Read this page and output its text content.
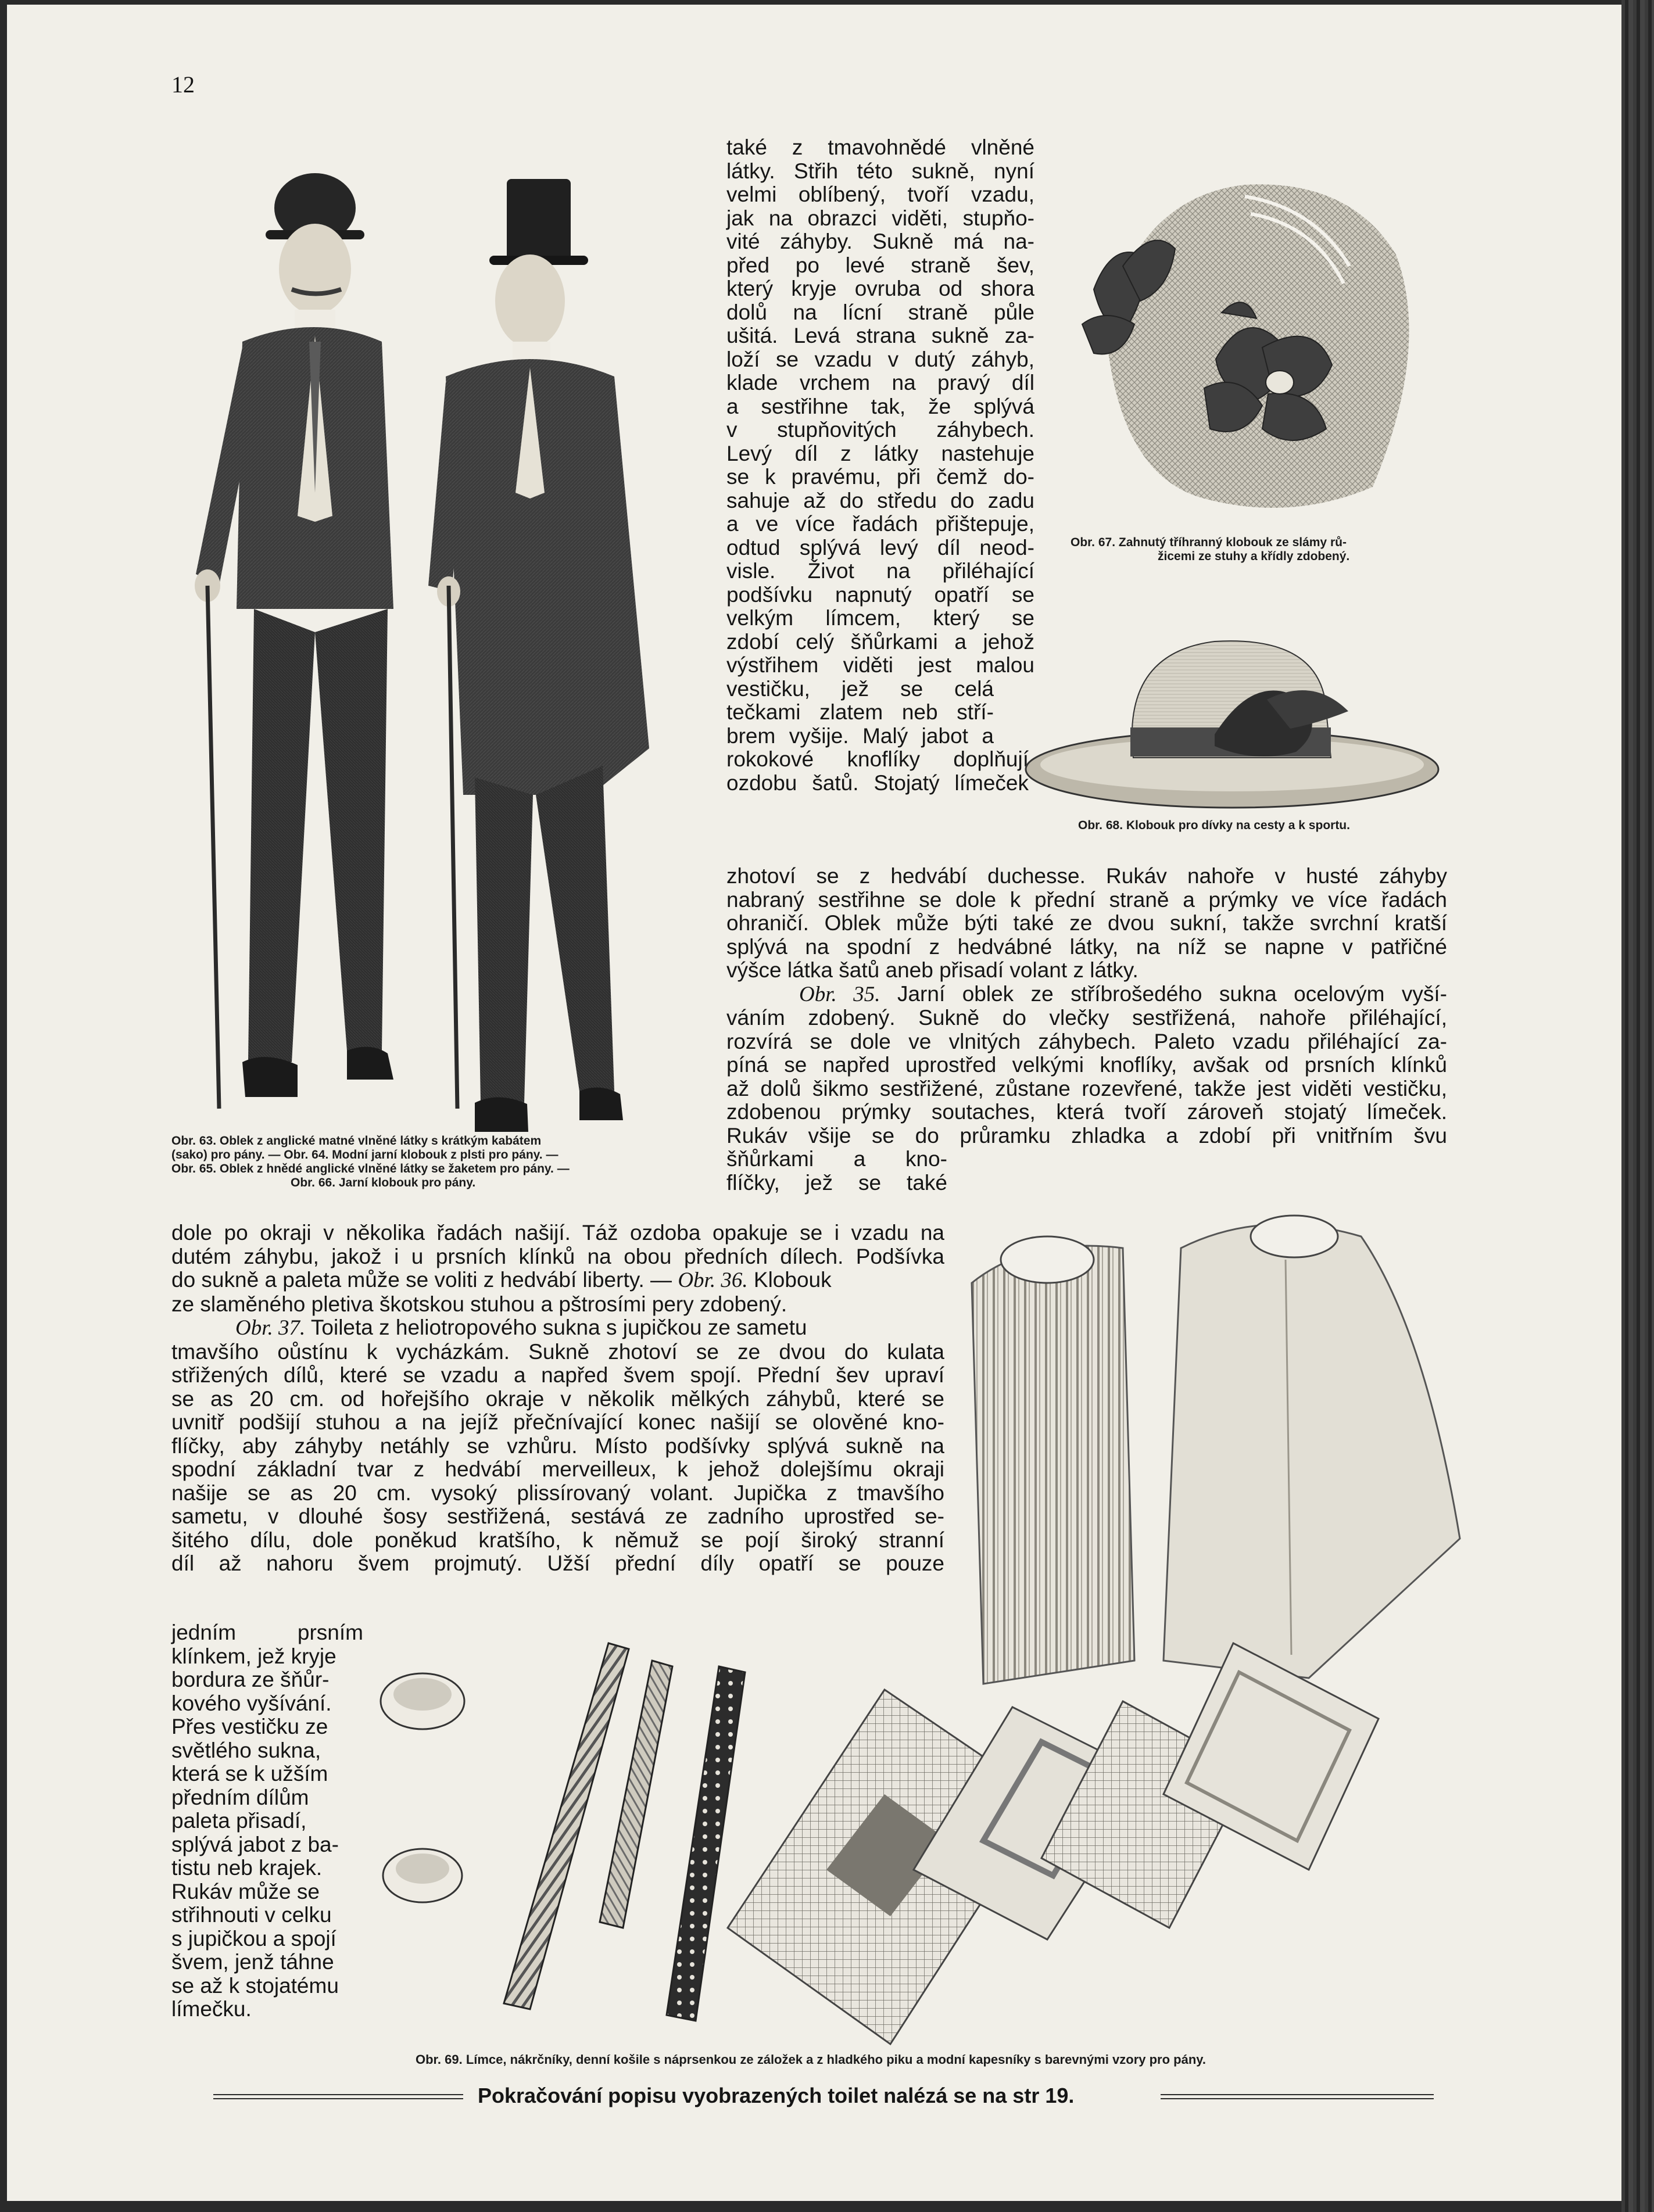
12
Obr. 63. Oblek z anglické matné vlněné látky s krátkým kabátem
(sako) pro pány. — Obr. 64. Modní jarní klobouk z plsti pro pány. —
Obr. 65. Oblek z hnědé anglické vlněné látky se žaketem pro pány. —
Obr. 66. Jarní klobouk pro pány.
také z tmavohnědé vlněné
látky. Střih této sukně, nyní
velmi oblíbený, tvoří vzadu,
jak na obrazci viděti, stupňo-
vité záhyby. Sukně má na-
před po levé straně šev,
který kryje ovruba od shora
dolů na lícní straně půle
ušitá. Levá strana sukně za-
loží se vzadu v dutý záhyb,
klade vrchem na pravý díl
a sestřihne tak, že splývá
v stupňovitých záhybech.
Levý díl z látky nastehuje
se k pravému, při čemž do-
sahuje až do středu do zadu
a ve více řadách přištepuje,
odtud splývá levý díl neod-
visle. Život na přiléhající
podšívku napnutý opatří se
velkým límcem, který se
zdobí celý šňůrkami a jehož
výstřihem viděti jest malou
vestičku, jež se celá
tečkami zlatem neb stří-
brem vyšije. Malý jabot a
rokokové knoflíky doplňují
ozdobu šatů. Stojatý límeček
Obr. 67. Zahnutý tříhranný klobouk ze slámy rů-
žicemi ze stuhy a křídly zdobený.
Obr. 68. Klobouk pro dívky na cesty a k sportu.
zhotoví se z hedvábí duchesse. Rukáv nahoře v husté záhyby
nabraný sestřihne se dole k přední straně a prýmky ve více řadách
ohraničí. Oblek může býti také ze dvou sukní, takže svrchní kratší
splývá na spodní z hedvábné látky, na níž se napne v patřičné
výšce látka šatů aneb přisadí volant z látky.
Obr. 35. Jarní oblek ze stříbrošedého sukna ocelovým vyší-
váním zdobený. Sukně do vlečky sestřižená, nahoře přiléhající,
rozvírá se dole ve vlnitých záhybech. Paleto vzadu přiléhající za-
píná se napřed uprostřed velkými knoflíky, avšak od prsních klínků
až dolů šikmo sestřižené, zůstane rozevřené, takže jest viděti vestičku,
zdobenou prýmky soutaches, která tvoří zároveň stojatý límeček.
Rukáv všije se do průramku zhladka a zdobí při vnitřním švu
šňůrkami a kno-
flíčky, jež se také
dole po okraji v několika řadách našijí. Táž ozdoba opakuje se i vzadu na
dutém záhybu, jakož i u prsních klínků na obou předních dílech. Podšívka
do sukně a paleta může se voliti z hedvábí liberty. — Obr. 36. Klobouk
ze slaměného pletiva škotskou stuhou a pštrosími pery zdobený.
Obr. 37. Toileta z heliotropového sukna s jupičkou ze sametu
tmavšího oůstínu k vycházkám. Sukně zhotoví se ze dvou do kulata
střižených dílů, které se vzadu a napřed švem spojí. Přední šev upraví
se as 20 cm. od hořejšího okraje v několik mělkých záhybů, které se
uvnitř podšijí stuhou a na jejíž přečnívající konec našijí se olověné kno-
flíčky, aby záhyby netáhly se vzhůru. Místo podšívky splývá sukně na
spodní základní tvar z hedvábí merveilleux, k jehož dolejšímu okraji
našije se as 20 cm. vysoký plissírovaný volant. Jupička z tmavšího
sametu, v dlouhé šosy sestřižená, sestává ze zadního uprostřed se-
šitého dílu, dole poněkud kratšího, k němuž se pojí široký stranní
díl až nahoru švem projmutý. Užší přední díly opatří se pouze
jedním prsním
klínkem, jež kryje
bordura ze šňůr-
kového vyšívání.
Přes vestičku ze
světlého sukna,
která se k užším
předním dílům
paleta přisadí,
splývá jabot z ba-
tistu neb krajek.
Rukáv může se
střihnouti v celku
s jupičkou a spojí
švem, jenž táhne
se až k stojatému
límečku.
Obr. 69. Límce, nákrčníky, denní košile s náprsenkou ze záložek a z hladkého piku a modní kapesníky s barevnými vzory pro pány.
Pokračování popisu vyobrazených toilet nalézá se na str 19.
